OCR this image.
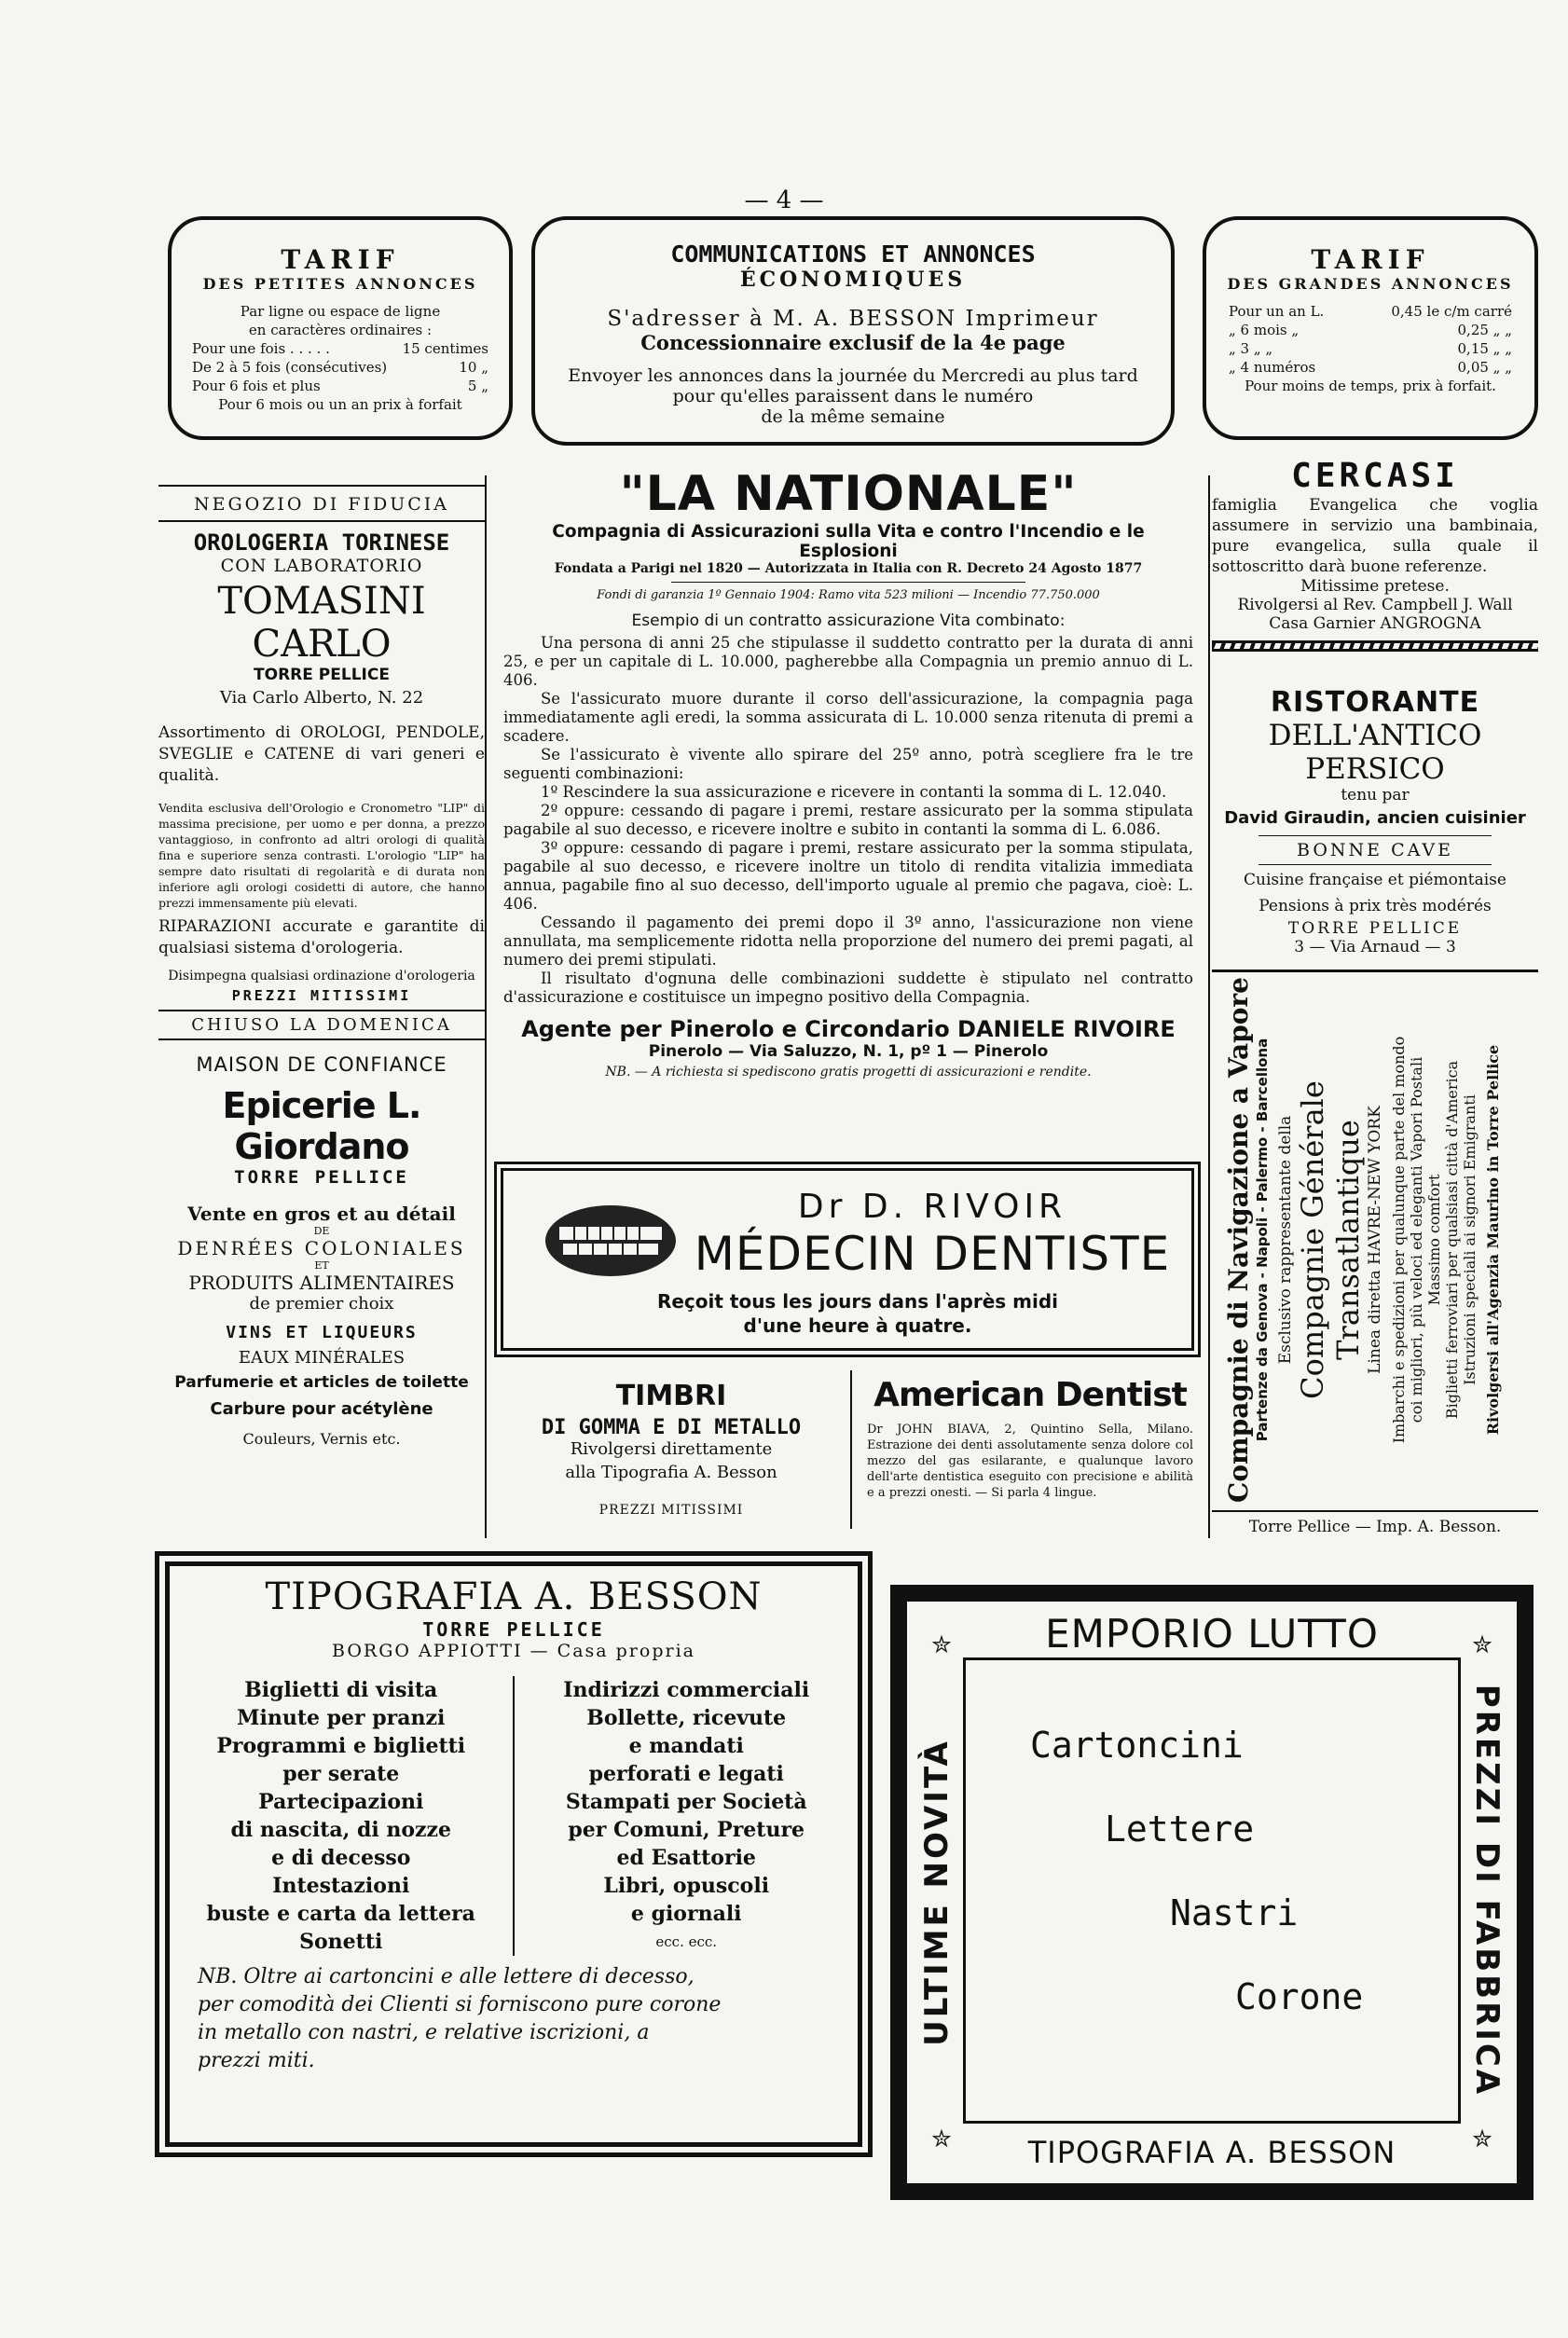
— 4 —
TARIF
DES PETITES ANNONCES
Par ligne ou espace de ligne
en caractères ordinaires :
Pour une fois . . . . .	15 centimes
De 2 à 5 fois (consécutives)	10 „
Pour 6 fois et plus	5 „
Pour 6 mois ou un an prix à forfait
COMMUNICATIONS ET ANNONCES
ÉCONOMIQUES
S'adresser à M. A. BESSON Imprimeur
Concessionnaire exclusif de la 4e page
Envoyer les annonces dans la journée du Mercredi au plus tard
pour qu'elles paraissent dans le numéro
de la même semaine
TARIF
DES GRANDES ANNONCES
Pour un an L.	0,45 le c/m carré
„ 6 mois „	0,25 „ „
„ 3 „ „	0,15 „ „
„ 4 numéros	0,05 „ „
Pour moins de temps, prix à forfait.
NEGOZIO DI FIDUCIA
OROLOGERIA TORINESE
CON LABORATORIO
TOMASINI CARLO
TORRE PELLICE
Via Carlo Alberto, N. 22

Assortimento di OROLOGI, PENDOLE, SVEGLIE e CATENE di vari generi e qualità.

Vendita esclusiva dell'Orologio e Cronometro "LIP" di massima precisione, per uomo e per donna, a prezzo vantaggioso, in confronto ad altri orologi di qualità fina e superiore senza contrasti. L'orologio "LIP" ha sempre dato risultati di regolarità e di durata non inferiore agli orologi cosidetti di autore, che hanno prezzi immensamente più elevati.

RIPARAZIONI accurate e garantite di qualsiasi sistema d'orologeria.

Disimpegna qualsiasi ordinazione d'orologeria
PREZZI MITISSIMI
CHIUSO LA DOMENICA
MAISON DE CONFIANCE
Epicerie L. Giordano
TORRE PELLICE
Vente en gros et au détail
DE
DENRÉES COLONIALES
ET
PRODUITS ALIMENTAIRES
de premier choix
VINS ET LIQUEURS
EAUX MINÉRALES
Parfumerie et articles de toilette
Carbure pour acétylène
Couleurs, Vernis etc.
"LA NATIONALE"
Compagnia di Assicurazioni sulla Vita e contro l'Incendio e le Esplosioni
Fondata a Parigi nel 1820 — Autorizzata in Italia con R. Decreto 24 Agosto 1877
Fondi di garanzia 1º Gennaio 1904: Ramo vita 523 milioni — Incendio 77.750.000
Esempio di un contratto assicurazione Vita combinato:

Una persona di anni 25 che stipulasse il suddetto contratto per la durata di anni 25, e per un capitale di L. 10.000, pagherebbe alla Compagnia un premio annuo di L. 406.

Se l'assicurato muore durante il corso dell'assicurazione, la compagnia paga immediatamente agli eredi, la somma assicurata di L. 10.000 senza ritenuta di premi a scadere.

Se l'assicurato è vivente allo spirare del 25º anno, potrà scegliere fra le tre seguenti combinazioni:

1º Rescindere la sua assicurazione e ricevere in contanti la somma di L. 12.040.

2º oppure: cessando di pagare i premi, restare assicurato per la somma stipulata pagabile al suo decesso, e ricevere inoltre e subito in contanti la somma di L. 6.086.

3º oppure: cessando di pagare i premi, restare assicurato per la somma stipulata, pagabile al suo decesso, e ricevere inoltre un titolo di rendita vitalizia immediata annua, pagabile fino al suo decesso, dell'importo uguale al premio che pagava, cioè: L. 406.

Cessando il pagamento dei premi dopo il 3º anno, l'assicurazione non viene annullata, ma semplicemente ridotta nella proporzione del numero dei premi pagati, al numero dei premi stipulati.

Il risultato d'ognuna delle combinazioni suddette è stipulato nel contratto d'assicurazione e costituisce un impegno positivo della Compagnia.

Agente per Pinerolo e Circondario DANIELE RIVOIRE
Pinerolo — Via Saluzzo, N. 1, pº 1 — Pinerolo
NB. — A richiesta si spediscono gratis progetti di assicurazioni e rendite.
Dr D. RIVOIR
MÉDECIN DENTISTE
Reçoit tous les jours dans l'après midi
d'une heure à quatre.
TIMBRI
DI GOMMA E DI METALLO
Rivolgersi direttamente
alla Tipografia A. Besson
PREZZI MITISSIMI
American Dentist

Dr JOHN BIAVA, 2, Quintino Sella, Milano. Estrazione dei denti assolutamente senza dolore col mezzo del gas esilarante, e qualunque lavoro dell'arte dentistica eseguito con precisione e abilità e a prezzi onesti. — Si parla 4 lingue.

CERCASI

famiglia Evangelica che voglia assumere in servizio una bambinaia, pure evangelica, sulla quale il sottoscritto darà buone referenze.

Mitissime pretese.
Rivolgersi al Rev. Campbell J. Wall
Casa Garnier ANGROGNA
RISTORANTE
DELL'ANTICO PERSICO
tenu par
David Giraudin, ancien cuisinier
BONNE CAVE
Cuisine française et piémontaise
Pensions à prix très modérés
TORRE PELLICE
3 — Via Arnaud — 3
Compagnie di Navigazione a Vapore Partenze da Genova - Napoli - Palermo - Barcellona Esclusivo rappresentante della Compagnie Générale Transatlantique Linea diretta HAVRE-NEW YORK Imbarchi e spedizioni per qualunque parte del mondo coi migliori, più veloci ed eleganti Vapori Postali Massimo comfort Biglietti ferroviari per qualsiasi città d'America Istruzioni speciali ai signori Emigranti Rivolgersi all'Agenzia Maurino in Torre Pellice
Torre Pellice — Imp. A. Besson.
TIPOGRAFIA A. BESSON
TORRE PELLICE
BORGO APPIOTTI — Casa propria
Biglietti di visita
Minute per pranzi
Programmi e biglietti
per serate
Partecipazioni
di nascita, di nozze
e di decesso
Intestazioni
buste e carta da lettera
Sonetti
Indirizzi commerciali
Bollette, ricevute
e mandati
perforati e legati
Stampati per Società
per Comuni, Preture
ed Esattorie
Libri, opuscoli
e giornali
ecc. ecc.
NB. Oltre ai cartoncini e alle lettere di decesso,
per comodità dei Clienti si forniscono pure corone
in metallo con nastri, e relative iscrizioni, a
prezzi miti.
✮	✮
✮	✮
EMPORIO LUTTO
ULTIME NOVITÀ	PREZZI DI FABBRICA
Cartoncini
Lettere
Nastri
Corone
TIPOGRAFIA A. BESSON
